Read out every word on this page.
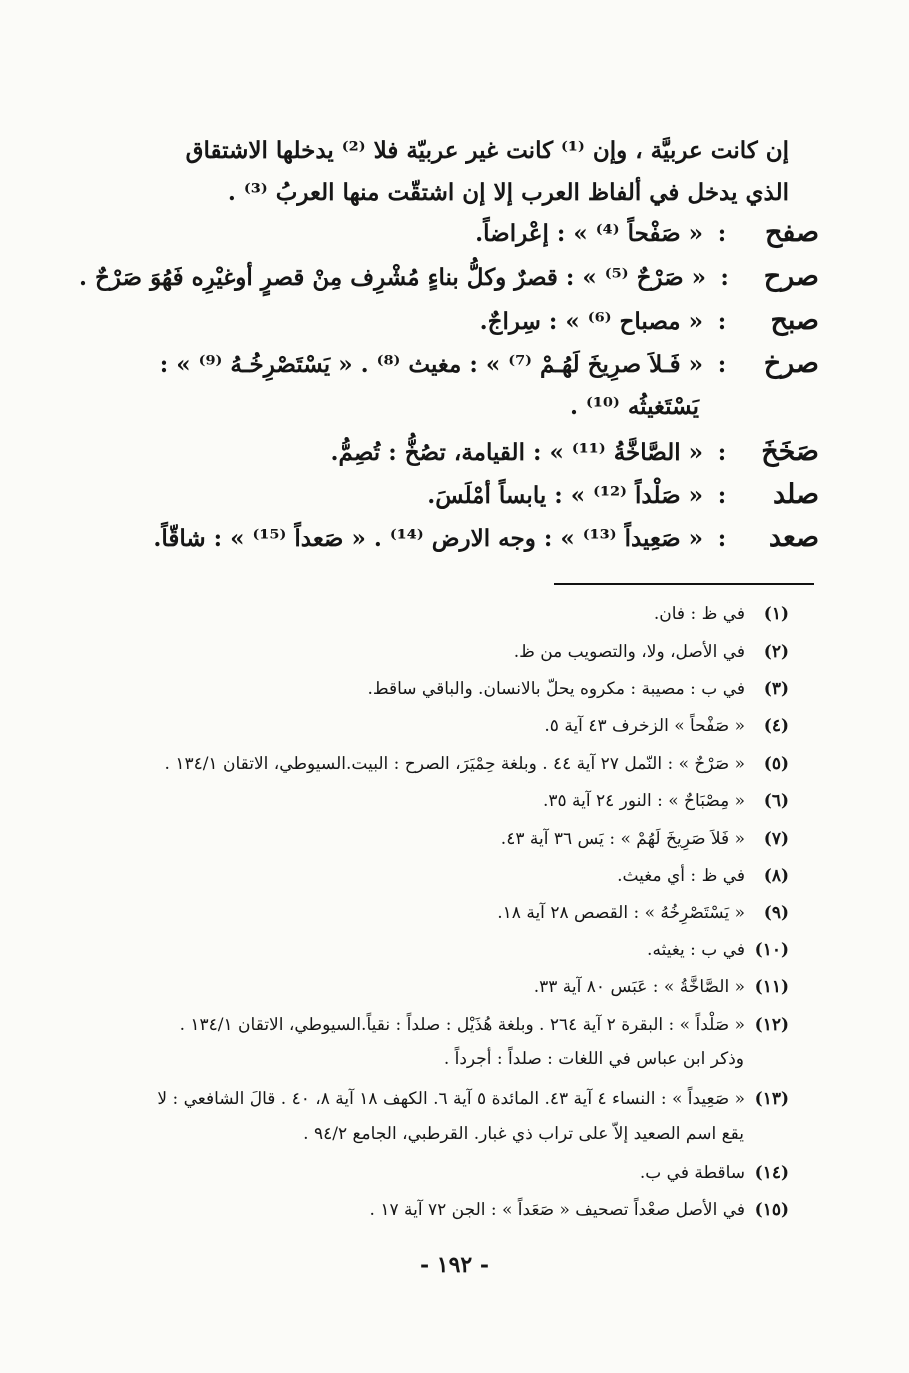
إن كانت عربيَّة ، وإن ⁽¹⁾ كانت غير عربيّة فلا ⁽²⁾ يدخلها الاشتقاق
الذي يدخل في ألفاظ العرب إلا إن اشتقّت منها العربُ ⁽³⁾ .
صفح
:
« صَفْحاً ⁽⁴⁾ » : إعْراضاً.
صرح
:
« صَرْحٌ ⁽⁵⁾ » : قصرٌ وكلُّ بناءٍ مُشْرِف مِنْ قصرٍ أوغيْرِه فَهُوَ صَرْحٌ .
صبح
:
« مصباح ⁽⁶⁾ » : سِراجٌ.
صرخ
:
« فَـلاَ صرِيخَ لَهُـمْ ⁽⁷⁾ » : مغيث ⁽⁸⁾ . « يَسْتَصْرِخُـهُ ⁽⁹⁾ » :
يَسْتَغيثُه ⁽¹⁰⁾ .
صَخَخَ
:
« الصَّاخَّةُ ⁽¹¹⁾ » : القيامة، تصُخُّ : تُصِمُّ.
صلد
:
« صَلْداً ⁽¹²⁾ » : يابساً أمْلَسَ.
صعد
:
« صَعِيداً ⁽¹³⁾ » : وجه الارض ⁽¹⁴⁾ . « صَعداً ⁽¹⁵⁾ » : شاقّاً.
(١)
في ظ : فان.
(٢)
في الأصل، ولا، والتصويب من ظ.
(٣)
في ب : مصيبة : مكروه يحلّ بالانسان. والباقي ساقط.
(٤)
« صَفْحاً » الزخرف ٤٣ آية ٥.
(٥)
« صَرْحٌ » : النّمل ٢٧ آية ٤٤ . وبلغة حِمْيَرَ، الصرح : البيت.السيوطي، الاتقان ١٣٤/١ .
(٦)
« مِصْبَاحٌ » : النور ٢٤ آية ٣٥.
(٧)
« فَلاَ صَرِيخَ لَهُمْ » : يَس ٣٦ آية ٤٣.
(٨)
في ظ : أي مغيث.
(٩)
« يَسْتَصْرِخُهُ » : القصص ٢٨ آية ١٨.
(١٠)
في ب : يغيثه.
(١١)
« الصَّاخَّةُ » : عَبَس ٨٠ آية ٣٣.
(١٢)
« صَلْداً » : البقرة ٢ آية ٢٦٤ . وبلغة هُذَيْل : صلداً : نقياً.السيوطي، الاتقان ١٣٤/١ .
وذكر ابن عباس في اللغات : صلداً : أجرداً .
(١٣)
« صَعِيداً » : النساء ٤ آية ٤٣. المائدة ٥ آية ٦. الكهف ١٨ آية ٨، ٤٠ . قالَ الشافعي : لا
يقع اسم الصعيد إلاّ على تراب ذي غبار. القرطبي، الجامع ٩٤/٢ .
(١٤)
ساقطة في ب.
(١٥)
في الأصل صعْداً تصحيف « صَعَداً » : الجن ٧٢ آية ١٧ .
- ١٩٢ -
